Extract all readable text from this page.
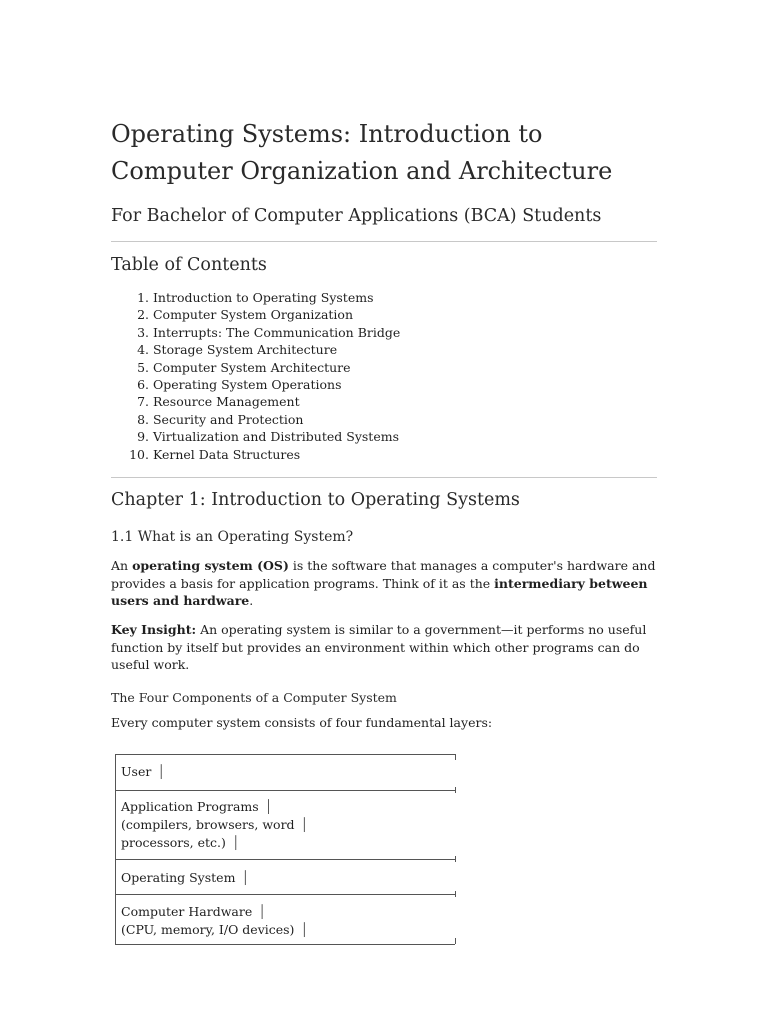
Operating Systems: Introduction to Computer Organization and Architecture
For Bachelor of Computer Applications (BCA) Students
Table of Contents
1. Introduction to Operating Systems
2. Computer System Organization
3. Interrupts: The Communication Bridge
4. Storage System Architecture
5. Computer System Architecture
6. Operating System Operations
7. Resource Management
8. Security and Protection
9. Virtualization and Distributed Systems
10. Kernel Data Structures
Chapter 1: Introduction to Operating Systems
1.1 What is an Operating System?

An operating system (OS) is the software that manages a computer's hardware and provides a basis for application programs. Think of it as the intermediary between users and hardware.

Key Insight: An operating system is similar to a government—it performs no useful function by itself but provides an environment within which other programs can do useful work.

The Four Components of a Computer System

Every computer system consists of four fundamental layers:

User │
Application Programs │
(compilers, browsers, word │
processors, etc.) │
Operating System │
Computer Hardware │
(CPU, memory, I/O devices) │
